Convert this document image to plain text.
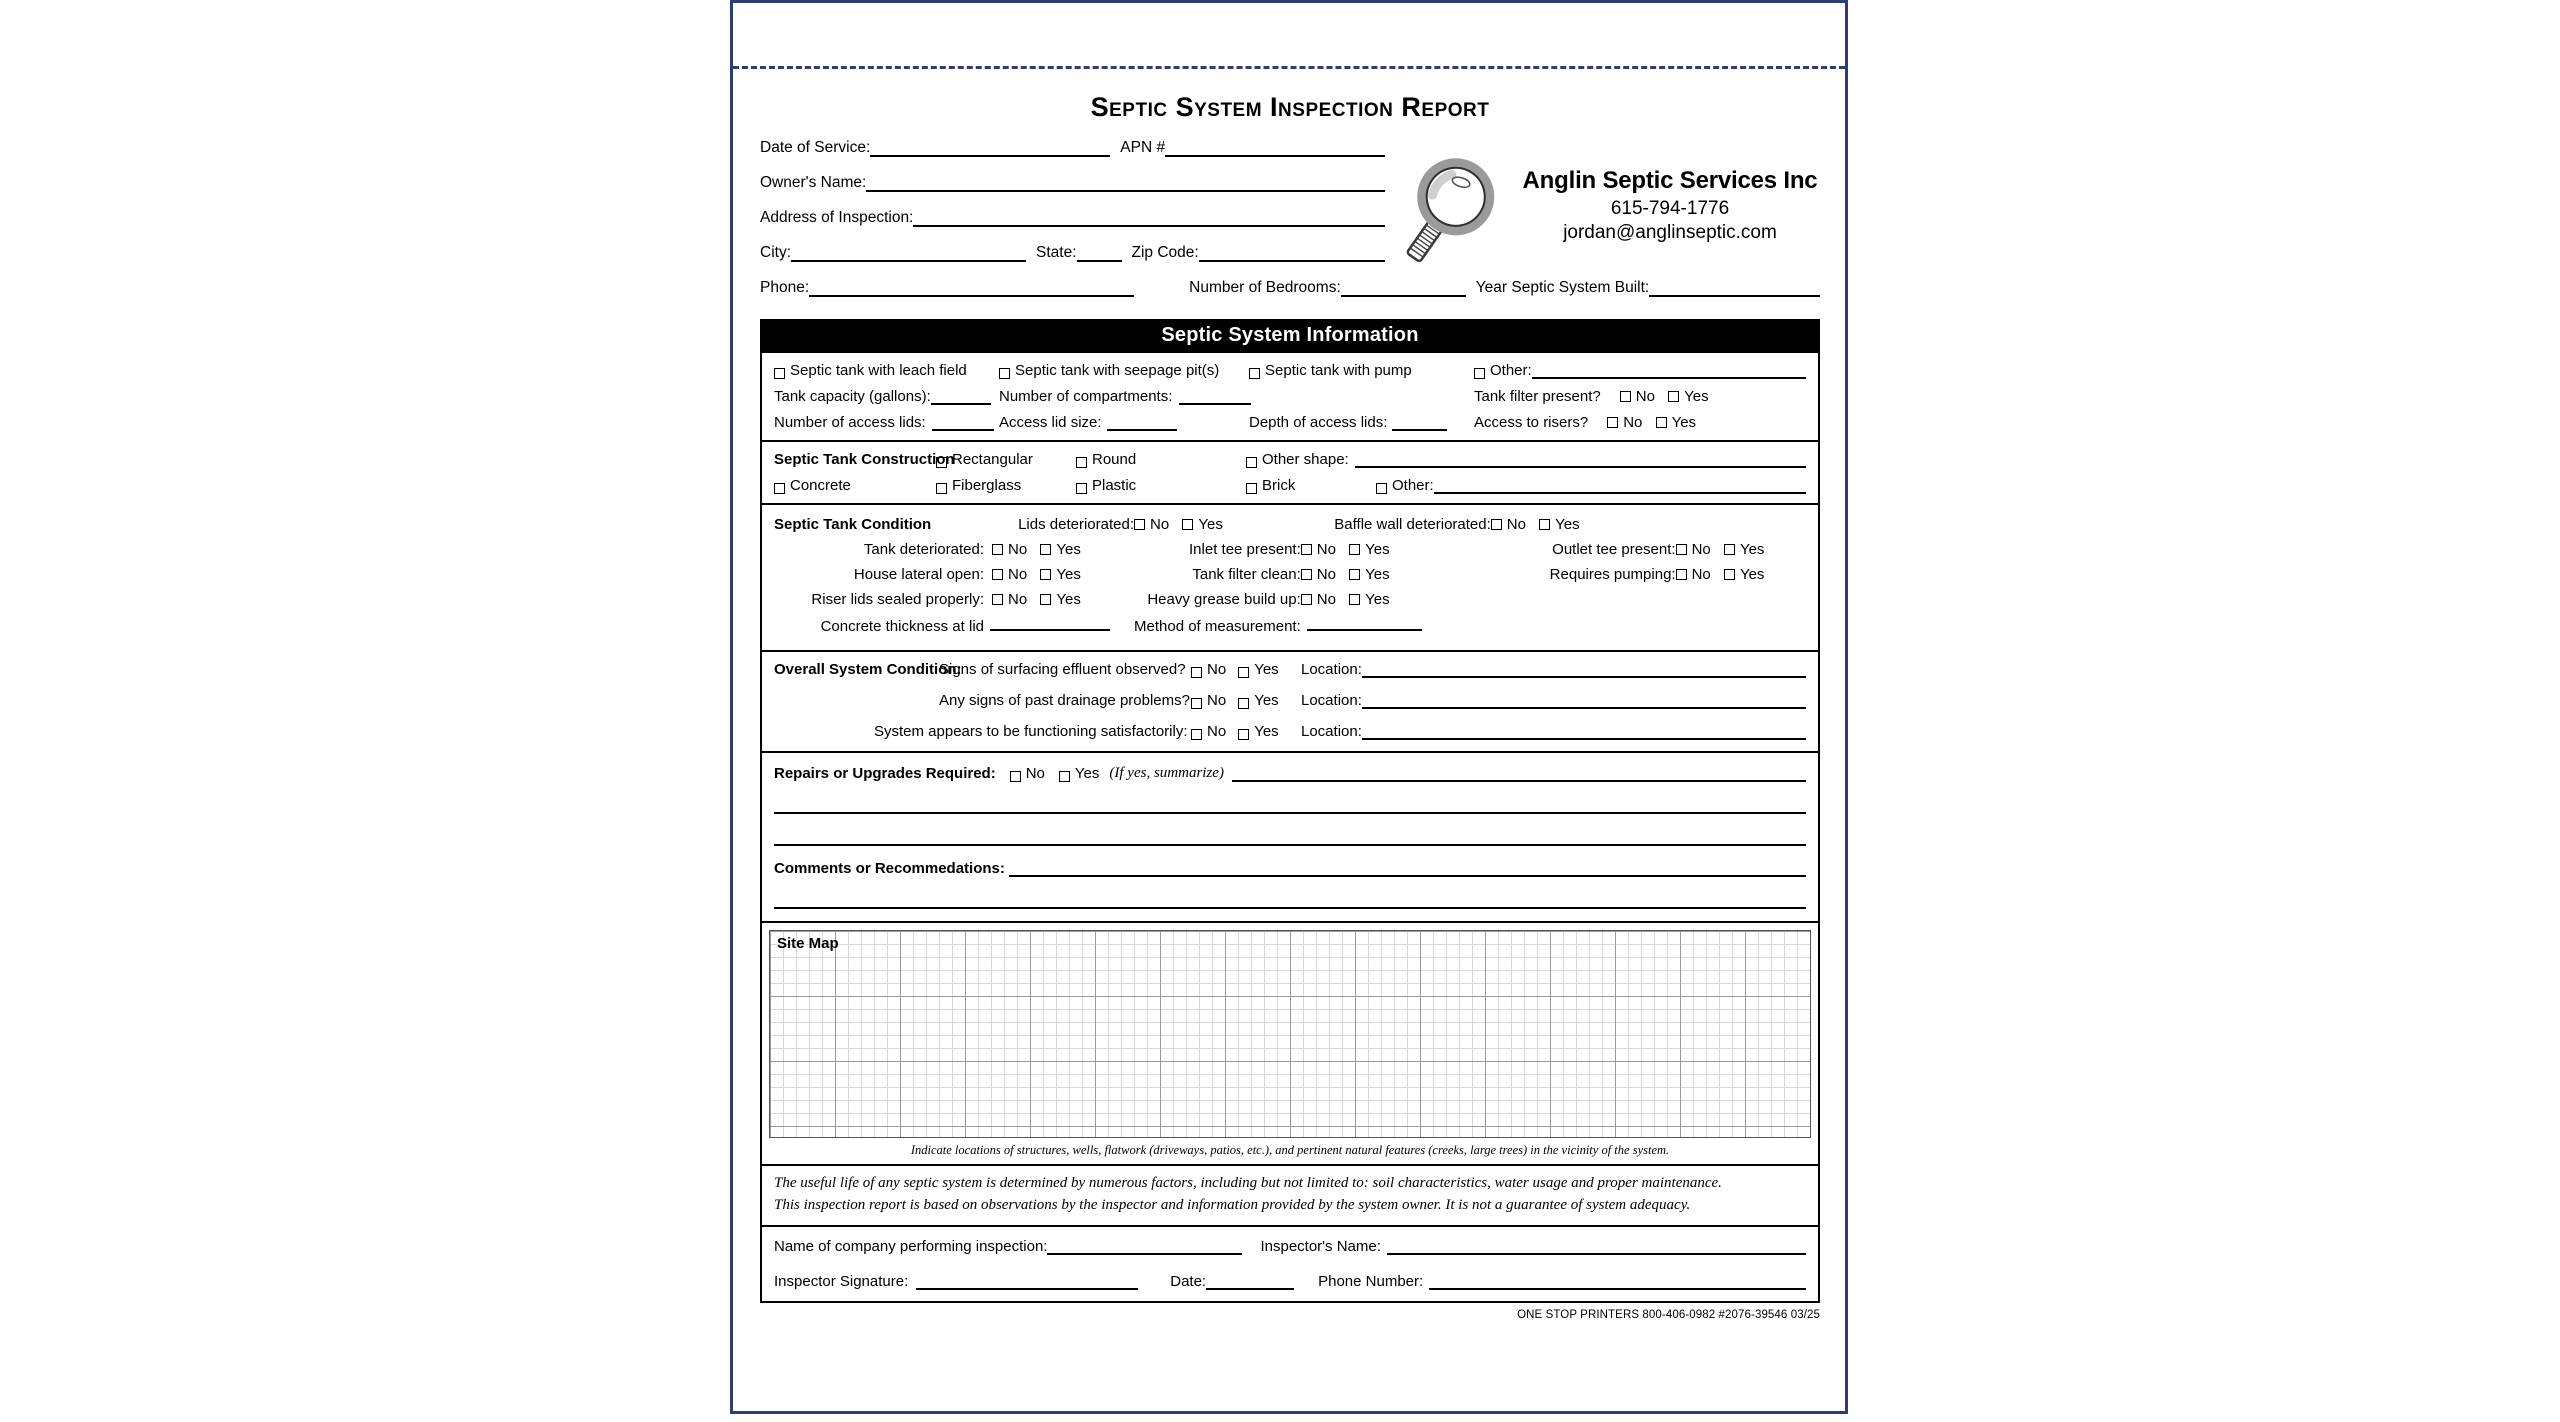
Septic System Inspection Report
Anglin Septic Services Inc
615-794-1776
jordan@anglinseptic.com
Date of Service:	APN #
Owner's Name:
Address of Inspection:
City:	State:	Zip Code:
Phone:	Number of Bedrooms:	Year Septic System Built:
Septic System Information
Septic tank with leach field	Septic tank with seepage pit(s)	Septic tank with pump	Other:
Tank capacity (gallons):	Number of compartments:	Tank filter present?	No Yes
Number of access lids:	Access lid size:	Depth of access lids:	Access to risers?	No Yes
Septic Tank Construction
Rectangular	Round	Other shape:
Concrete	Fiberglass	Plastic	Brick	Other:
Septic Tank Condition	Lids deteriorated:	No Yes	Baffle wall deteriorated:	No Yes	
Tank deteriorated:	No Yes	Inlet tee present:	No Yes	Outlet tee present:	No Yes
House lateral open:	No Yes	Tank filter clean:	No Yes	Requires pumping:	No Yes
Riser lids sealed properly:	No Yes	Heavy grease build up:	No Yes		
Concrete thickness at lid		Method of measurement:			
Overall System Condition:
Signs of surfacing effluent observed? No Yes Location:
Any signs of past drainage problems? No Yes Location:
System appears to be functioning satisfactorily: No Yes Location:
Repairs or Upgrades Required: No Yes (If yes, summarize)
Comments or Recommedations:
Site Map
Indicate locations of structures, wells, flatwork (driveways, patios, etc.), and pertinent natural features (creeks, large trees) in the vicinity of the system.
The useful life of any septic system is determined by numerous factors, including but not limited to: soil characteristics, water usage and proper maintenance.
This inspection report is based on observations by the inspector and information provided by the system owner. It is not a guarantee of system adequacy.
Name of company performing inspection:	Inspector's Name:
Inspector Signature:	Date:	Phone Number:
ONE STOP PRINTERS 800-406-0982 #2076-39546 03/25
